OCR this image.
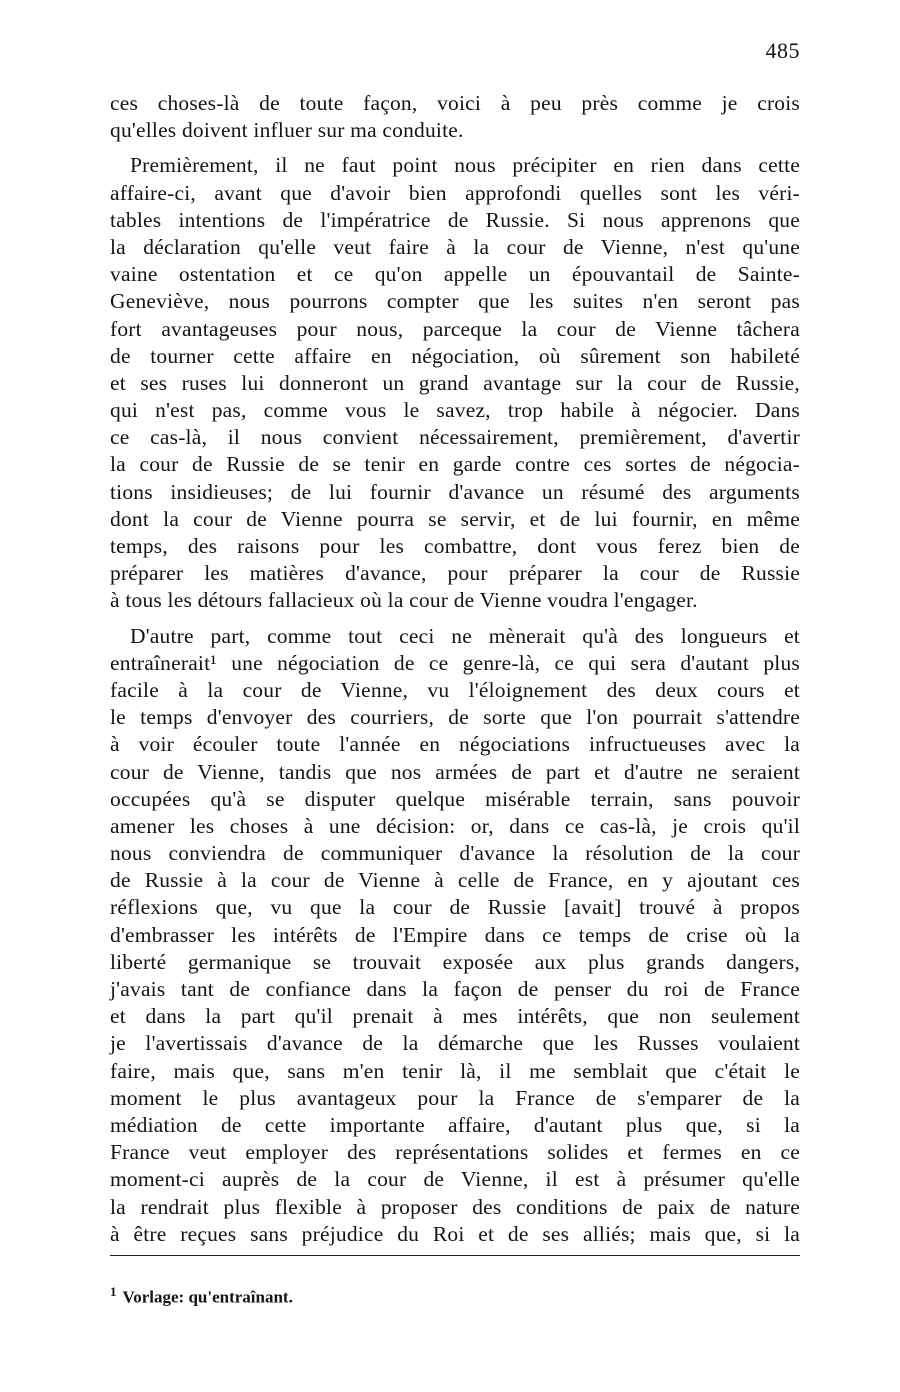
485
ces choses-là de toute façon, voici à peu près comme je crois
qu'elles doivent influer sur ma conduite.
Premièrement, il ne faut point nous précipiter en rien dans cette
affaire-ci, avant que d'avoir bien approfondi quelles sont les véri-
tables intentions de l'impératrice de Russie. Si nous apprenons que
la déclaration qu'elle veut faire à la cour de Vienne, n'est qu'une
vaine ostentation et ce qu'on appelle un épouvantail de Sainte-
Geneviève, nous pourrons compter que les suites n'en seront pas
fort avantageuses pour nous, parceque la cour de Vienne tâchera
de tourner cette affaire en négociation, où sûrement son habileté
et ses ruses lui donneront un grand avantage sur la cour de Russie,
qui n'est pas, comme vous le savez, trop habile à négocier. Dans
ce cas-là, il nous convient nécessairement, premièrement, d'avertir
la cour de Russie de se tenir en garde contre ces sortes de négocia-
tions insidieuses; de lui fournir d'avance un résumé des arguments
dont la cour de Vienne pourra se servir, et de lui fournir, en même
temps, des raisons pour les combattre, dont vous ferez bien de
préparer les matières d'avance, pour préparer la cour de Russie
à tous les détours fallacieux où la cour de Vienne voudra l'engager.
D'autre part, comme tout ceci ne mènerait qu'à des longueurs et
entraînerait¹ une négociation de ce genre-là, ce qui sera d'autant plus
facile à la cour de Vienne, vu l'éloignement des deux cours et
le temps d'envoyer des courriers, de sorte que l'on pourrait s'attendre
à voir écouler toute l'année en négociations infructueuses avec la
cour de Vienne, tandis que nos armées de part et d'autre ne seraient
occupées qu'à se disputer quelque misérable terrain, sans pouvoir
amener les choses à une décision: or, dans ce cas-là, je crois qu'il
nous conviendra de communiquer d'avance la résolution de la cour
de Russie à la cour de Vienne à celle de France, en y ajoutant ces
réflexions que, vu que la cour de Russie [avait] trouvé à propos
d'embrasser les intérêts de l'Empire dans ce temps de crise où la
liberté germanique se trouvait exposée aux plus grands dangers,
j'avais tant de confiance dans la façon de penser du roi de France
et dans la part qu'il prenait à mes intérêts, que non seulement
je l'avertissais d'avance de la démarche que les Russes voulaient
faire, mais que, sans m'en tenir là, il me semblait que c'était le
moment le plus avantageux pour la France de s'emparer de la
médiation de cette importante affaire, d'autant plus que, si la
France veut employer des représentations solides et fermes en ce
moment-ci auprès de la cour de Vienne, il est à présumer qu'elle
la rendrait plus flexible à proposer des conditions de paix de nature
à être reçues sans préjudice du Roi et de ses alliés; mais que, si la
$^1$ Vorlage: qu'entraînant.
